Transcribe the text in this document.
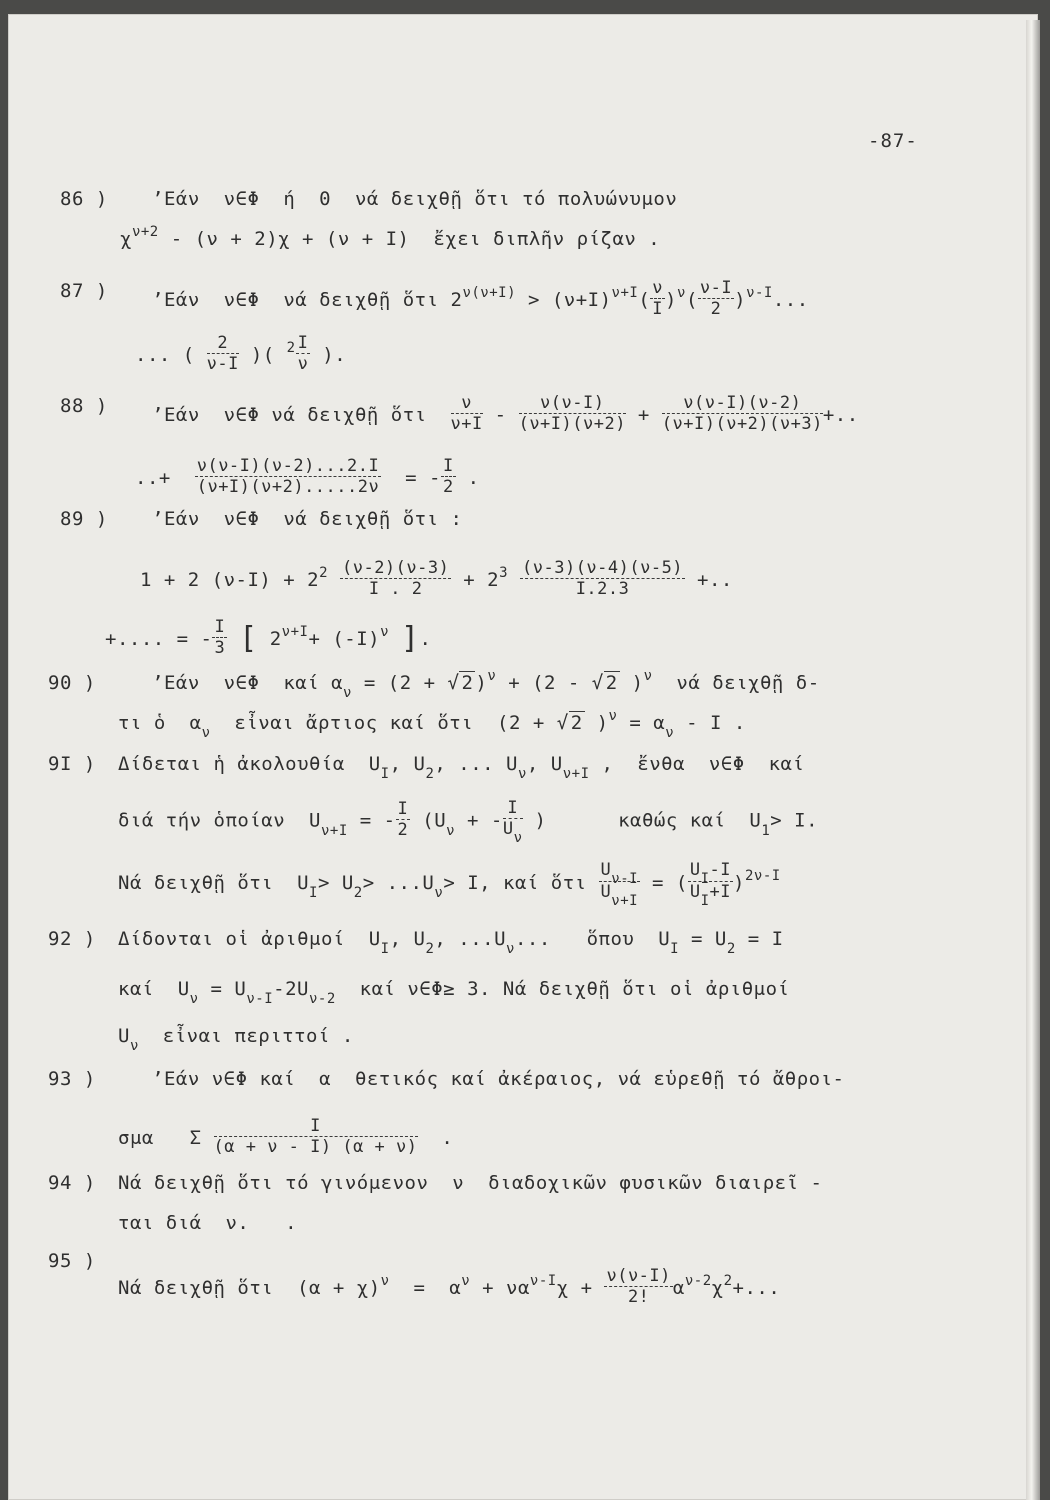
-87-
86 ) ’Εάν  ν∈Φ  ή  0  νά δειχθῇ ὅτι τό πολυώνυμον
$\chi^{\nu+2} - (\nu + 2)\chi + (\nu + I)$  ἔχει διπλῆν ρίζαν .
87 ) ’Εάν  ν∈Φ  νά δειχθῇ ὅτι $2^{\nu(\nu+I)} > (\nu+I)^{\nu+I}( \frac{\nu}{I} )^\nu( \frac{\nu-I}{2} )^{\nu-I}$...
... ( $\frac{2}{\nu-I}$ )( $^2 \frac{I}{\nu}$ ).
88 ) ’Εάν  ν∈Φ νά δειχθῇ ὅτι $\frac{\nu}{\nu+I} - \frac{\nu(\nu-I)}{(\nu+I)(\nu+2)} + \frac{\nu(\nu-I)(\nu-2)}{(\nu+I)(\nu+2)(\nu+3)}$ +..
..+ $\frac{\nu(\nu-I)(\nu-2)...2.I}{(\nu+I)(\nu+2).....2\nu}$ = - $\frac{I}{2}$ .
89 ) ’Εάν  ν∈Φ  νά δειχθῇ ὅτι :
1 + 2 $(\nu-I) + 2^2 \frac{(\nu-2)(\nu-3)}{I . 2} + 2^3 \frac{(\nu-3)(\nu-4)(\nu-5)}{I.2.3}$ +..
+.... = - $\frac{I}{3}$ [ $2^{\nu+I}+ (-I)^\nu$ ].
90 )	’Εάν  ν∈Φ  καί $\alpha_\nu = (2$ + √ 2 )$^\nu$ + (2 - √ 2 )$^\nu$  νά δειχθῇ δ-
τι ὁ  $\alpha_\nu$  εἶναι ἄρτιος καί ὅτι  (2 + √ 2 )$^\nu = \alpha_\nu - I$ .
9I ) Δίδεται ἡ ἀκολουθία  $U_I$, $U_2$, ... $U_\nu$, $U_{\nu+I}$ ,  ἔνθα  ν∈Φ  καί
διά τήν ὁποίαν  $U_{\nu+I}$ = - $\frac{I}{2} (U_\nu$ + - $\frac{I}{U_\nu}$ )      καθώς καί  $U_1> I$.
Νά δειχθῇ ὅτι  $U_I> U_2> ...U_\nu> I$, καί ὅτι $\frac{U_{\nu-I}}{U_{\nu+I}}$ = ( $\frac{U_I-I}{U_I+I} )^{2\nu-I}$
92 ) Δίδονται οἱ ἀριθμοί  $U_I$, $U_2$, $...U_\nu$...   ὅπου  $U_I = U_2 = I$
καί  $U_\nu = U_{\nu-I}-2U_{\nu-2}$  καί ν∈Φ≥ 3. Νά δειχθῇ ὅτι οἱ ἀριθμοί
$U_\nu$  εἶναι περιττοί .
93 )	’Εάν ν∈Φ καί  α  θετικός καί ἀκέραιος, νά εὑρεθῇ τό ἄθροι-
σμα   Σ $\frac{I}{(\alpha + \nu - I) (\alpha + \nu)}$ .
94 ) Νά δειχθῇ ὅτι τό γινόμενον  ν  διαδοχικῶν φυσικῶν διαιρεῖ -
ται διά  ν.   .
95 )
Νά δειχθῇ ὅτι  $(\alpha + \chi)^\nu = \alpha^\nu + \nu\alpha^{\nu-I}\chi + \frac{\nu(\nu-I)}{2!} \alpha^{\nu-2}\chi^2+$...
